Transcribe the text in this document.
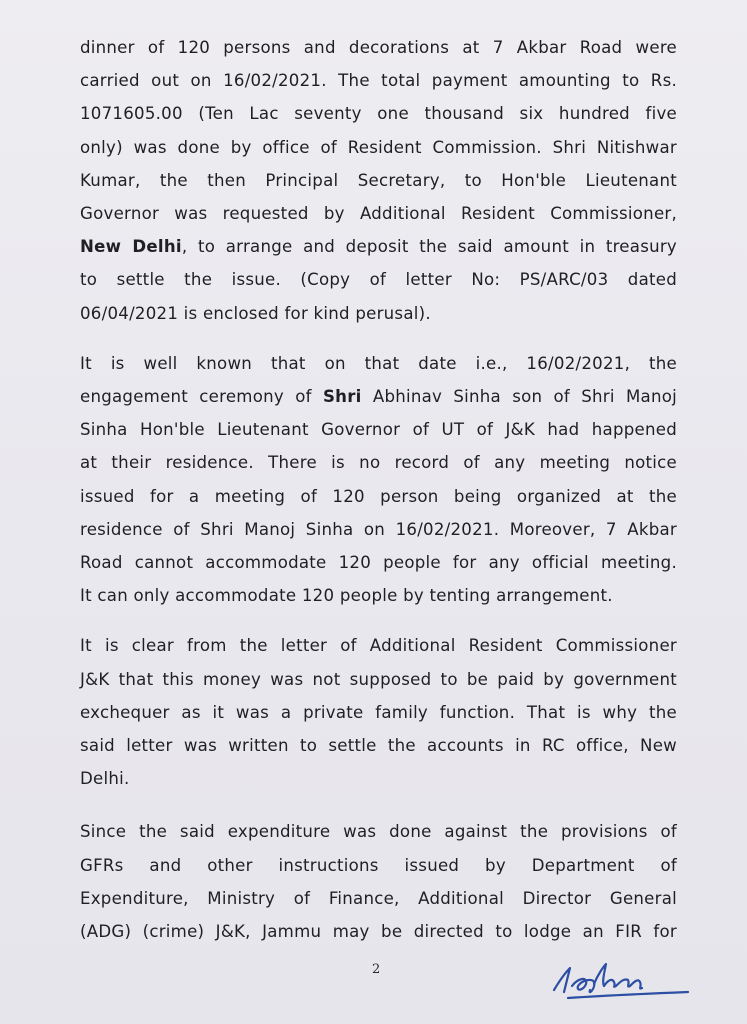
dinner of 120 persons and decorations at 7 Akbar Road were
carried out on 16/02/2021. The total payment amounting to Rs.
1071605.00 (Ten Lac seventy one thousand six hundred five
only) was done by office of Resident Commission. Shri Nitishwar
Kumar, the then Principal Secretary, to Hon'ble Lieutenant
Governor was requested by Additional Resident Commissioner,
New Delhi, to arrange and deposit the said amount in treasury
to settle the issue. (Copy of letter No: PS/ARC/03 dated
06/04/2021 is enclosed for kind perusal).

It is well known that on that date i.e., 16/02/2021, the
engagement ceremony of Shri Abhinav Sinha son of Shri Manoj
Sinha Hon'ble Lieutenant Governor of UT of J&K had happened
at their residence. There is no record of any meeting notice
issued for a meeting of 120 person being organized at the
residence of Shri Manoj Sinha on 16/02/2021. Moreover, 7 Akbar
Road cannot accommodate 120 people for any official meeting.
It can only accommodate 120 people by tenting arrangement.

It is clear from the letter of Additional Resident Commissioner
J&K that this money was not supposed to be paid by government
exchequer as it was a private family function. That is why the
said letter was written to settle the accounts in RC office, New
Delhi.

Since the said expenditure was done against the provisions of
GFRs and other instructions issued by Department of
Expenditure, Ministry of Finance, Additional Director General
(ADG) (crime) J&K, Jammu may be directed to lodge an FIR for

2
